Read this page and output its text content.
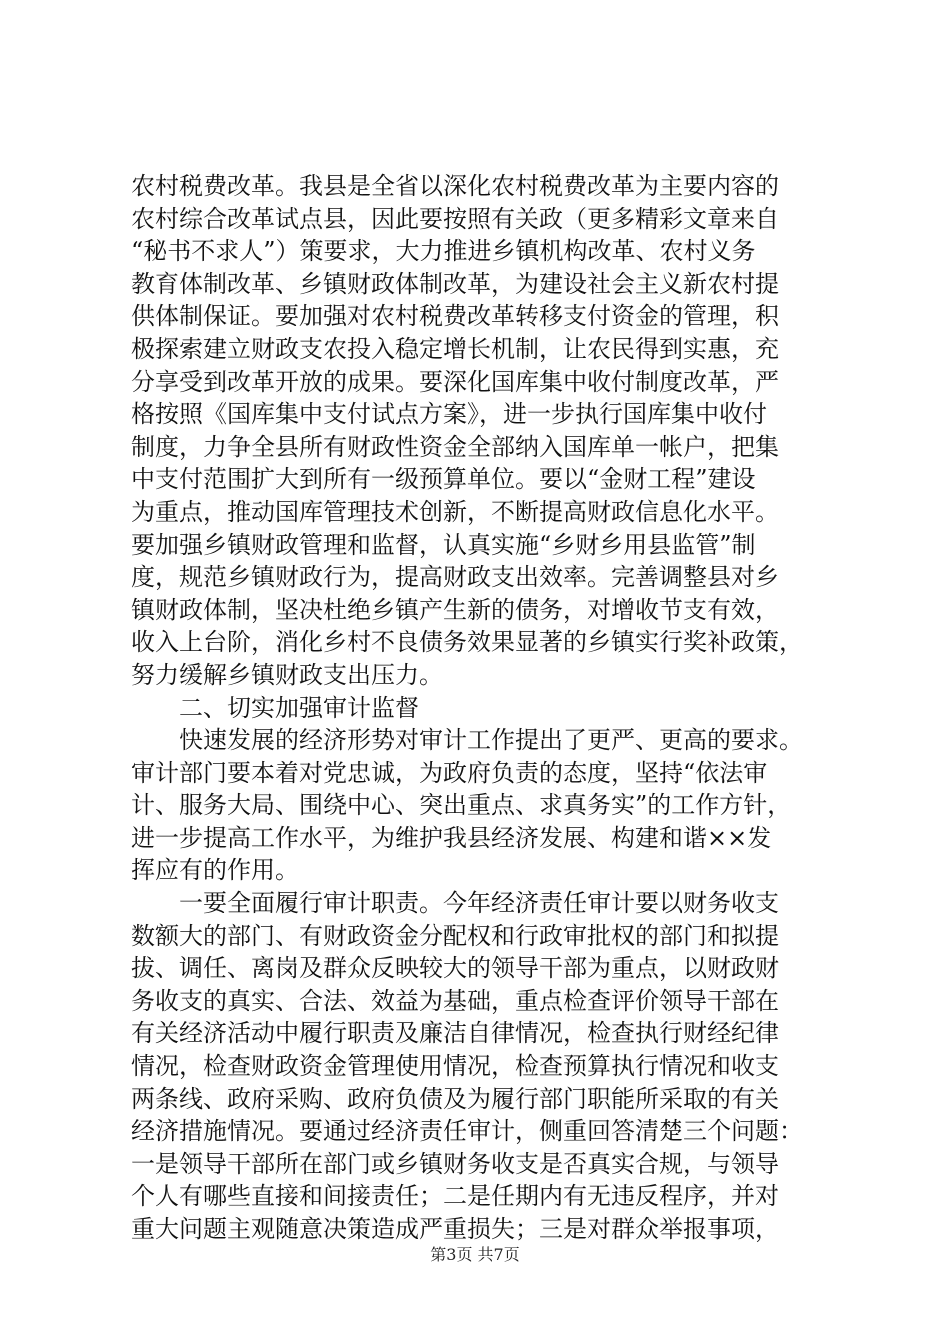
农村税费改革。我县是全省以深化农村税费改革为主要内容的
农村综合改革试点县，因此要按照有关政（更多精彩文章来自
“秘书不求人”）策要求，大力推进乡镇机构改革、农村义务
教育体制改革、乡镇财政体制改革，为建设社会主义新农村提
供体制保证。要加强对农村税费改革转移支付资金的管理，积
极探索建立财政支农投入稳定增长机制，让农民得到实惠，充
分享受到改革开放的成果。要深化国库集中收付制度改革，严
格按照《国库集中支付试点方案》，进一步执行国库集中收付
制度，力争全县所有财政性资金全部纳入国库单一帐户，把集
中支付范围扩大到所有一级预算单位。要以“金财工程”建设
为重点，推动国库管理技术创新，不断提高财政信息化水平。
要加强乡镇财政管理和监督，认真实施“乡财乡用县监管”制
度，规范乡镇财政行为，提高财政支出效率。完善调整县对乡
镇财政体制，坚决杜绝乡镇产生新的债务，对增收节支有效，
收入上台阶，消化乡村不良债务效果显著的乡镇实行奖补政策，
努力缓解乡镇财政支出压力。
二、切实加强审计监督
快速发展的经济形势对审计工作提出了更严、更高的要求。
审计部门要本着对党忠诚，为政府负责的态度，坚持“依法审
计、服务大局、围绕中心、突出重点、求真务实”的工作方针，
进一步提高工作水平，为维护我县经济发展、构建和谐××发
挥应有的作用。
一要全面履行审计职责。今年经济责任审计要以财务收支
数额大的部门、有财政资金分配权和行政审批权的部门和拟提
拔、调任、离岗及群众反映较大的领导干部为重点，以财政财
务收支的真实、合法、效益为基础，重点检查评价领导干部在
有关经济活动中履行职责及廉洁自律情况，检查执行财经纪律
情况，检查财政资金管理使用情况，检查预算执行情况和收支
两条线、政府采购、政府负债及为履行部门职能所采取的有关
经济措施情况。要通过经济责任审计，侧重回答清楚三个问题：
一是领导干部所在部门或乡镇财务收支是否真实合规，与领导
个人有哪些直接和间接责任；二是任期内有无违反程序，并对
重大问题主观随意决策造成严重损失；三是对群众举报事项，
第3页 共7页
